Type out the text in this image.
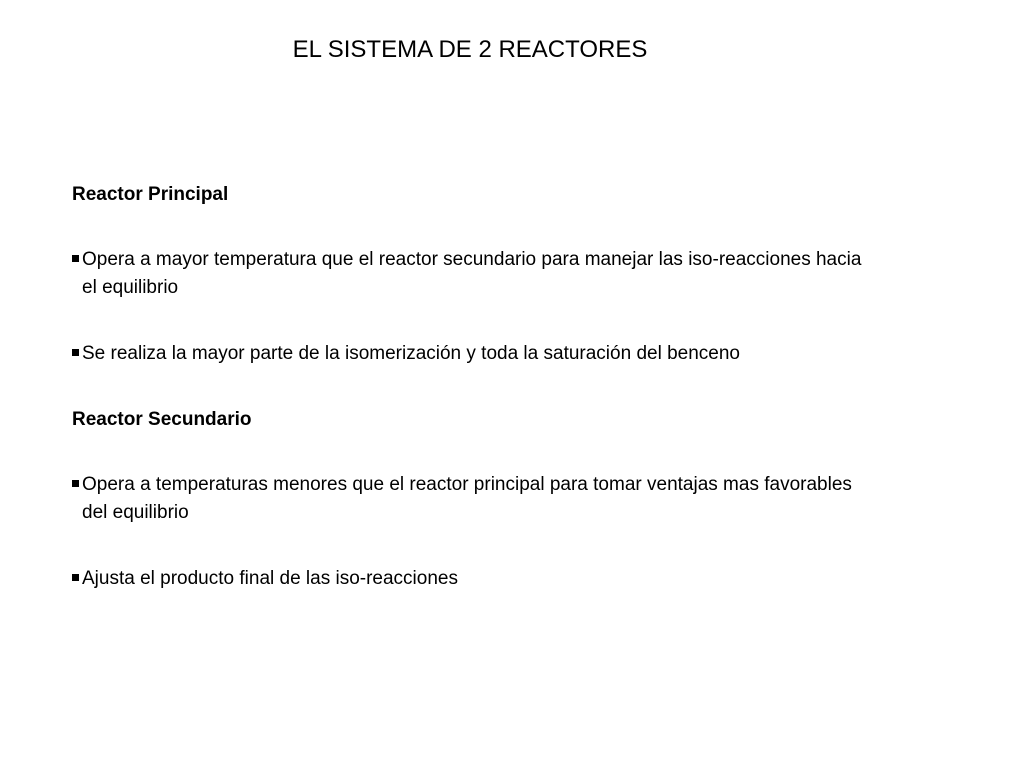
EL SISTEMA DE 2 REACTORES
Reactor Principal
Opera a mayor temperatura que el reactor secundario para manejar las iso-reacciones hacia el equilibrio
Se realiza la mayor parte de la isomerización y toda la saturación del benceno
Reactor Secundario
Opera a temperaturas menores que el reactor principal para tomar ventajas mas favorables del equilibrio
Ajusta el producto final de las iso-reacciones
